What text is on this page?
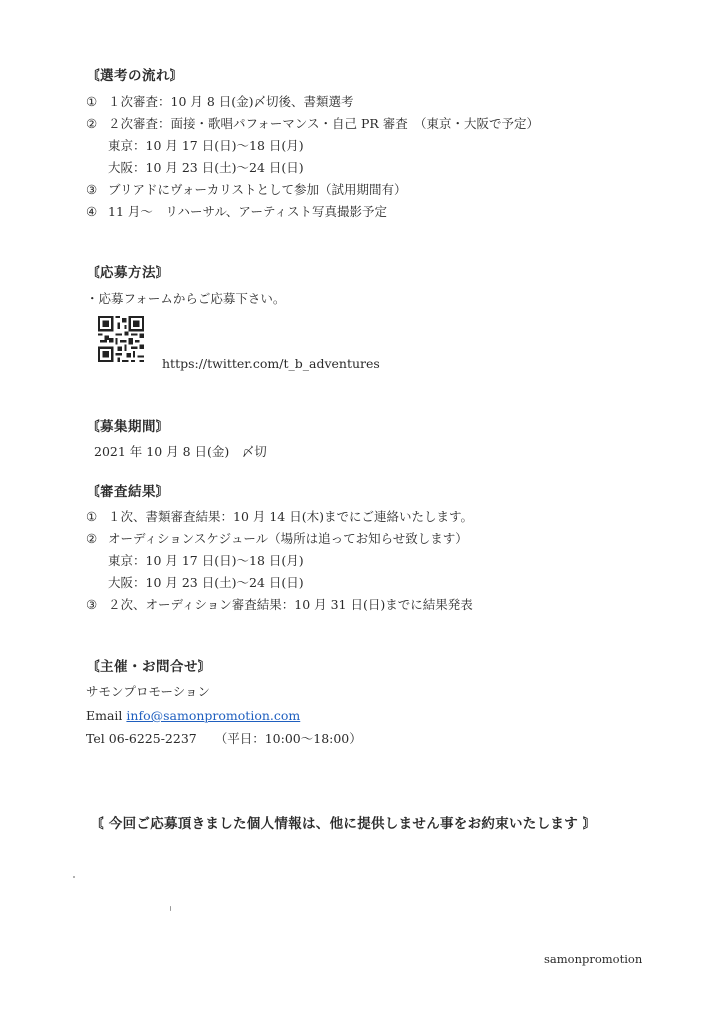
〘選考の流れ〙
① １次審査：10 月 8 日(金)〆切後、書類選考
② ２次審査：面接・歌唱パフォーマンス・自己 PR 審査　（東京・大阪で予定）
東京：10 月 17 日(日)〜18 日(月)
大阪：10 月 23 日(土)〜24 日(日)
③ ブリアドにヴォーカリストとして参加（試用期間有）
④ 11 月〜　リハーサル、アーティスト写真撮影予定
〘応募方法〙
・応募フォームからご応募下さい。
https://twitter.com/t_b_adventures
〘募集期間〙
2021 年 10 月 8 日(金)　〆切
〘審査結果〙
① １次、書類審査結果：10 月 14 日(木)までにご連絡いたします。
② オーディションスケジュール（場所は追ってお知らせ致します）
東京：10 月 17 日(日)〜18 日(月)
大阪：10 月 23 日(土)〜24 日(日)
③ ２次、オーディション審査結果：10 月 31 日(日)までに結果発表
〘主催・お問合せ〙
サモンプロモーション
Email info@samonpromotion.com
Tel 06-6225-2237 （平日：10:00〜18:00）
〘 今回ご応募頂きました個人情報は、他に提供しません事をお約束いたします 〙
samonpromotion
